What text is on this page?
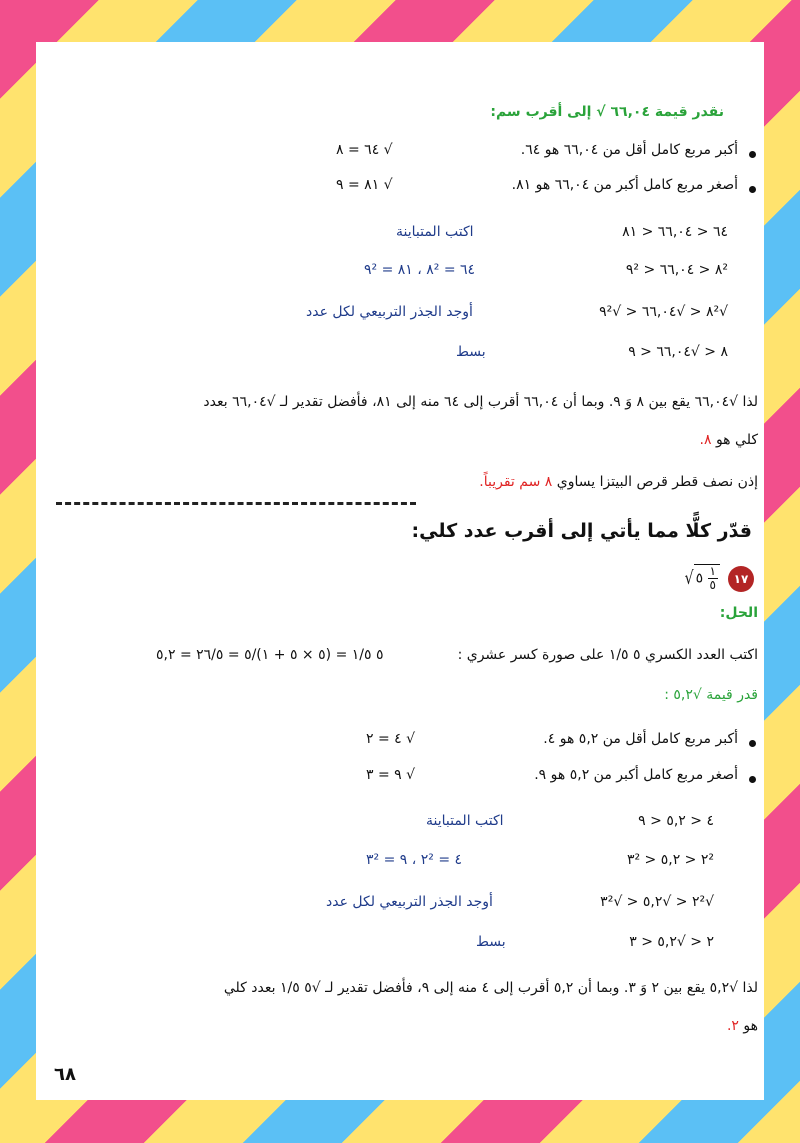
نقدر قيمة ٦٦,٠٤ √ إلى أقرب سم:
أكبر مربع كامل أقل من ٦٦,٠٤ هو ٦٤.
√ ٦٤ = ٨
أصغر مربع كامل أكبر من ٦٦,٠٤ هو ٨١.
√ ٨١ = ٩
اكتب المتباينة	٦٤ < ٦٦,٠٤ < ٨١
٦٤ = ٨² ، ٨١ = ٩²	٨² < ٦٦,٠٤ < ٩²
أوجد الجذر التربيعي لكل عدد	√٨² < √٦٦,٠٤ < √٩²
بسط	٨ < √٦٦,٠٤ < ٩
لذا √٦٦,٠٤ يقع بين ٨ وَ ٩. وبما أن ٦٦,٠٤ أقرب إلى ٦٤ منه إلى ٨١، فأفضل تقدير لـ √٦٦,٠٤ بعدد
كلي هو ٨.
إذن نصف قطر قرص البيتزا يساوي ٨ سم تقريباً.
قدّر كلًّا مما يأتي إلى أقرب عدد كلي:
١٧
√ ٥ $\frac{١}{٥}$
الحل:
اكتب العدد الكسري ٥ ١/٥ على صورة كسر عشري :
٥ ١/٥ = (٥ × ٥ + ١)/٥ = ٢٦/٥ = ٥,٢
قدر قيمة √٥,٢ :
أكبر مربع كامل أقل من ٥,٢ هو ٤.
√ ٤ = ٢
أصغر مربع كامل أكبر من ٥,٢ هو ٩.
√ ٩ = ٣
اكتب المتباينة	٤ < ٥,٢ < ٩
٤ = ٢² ، ٩ = ٣²	٢² < ٥,٢ < ٣²
أوجد الجذر التربيعي لكل عدد	√٢² < √٥,٢ < √٣²
بسط	٢ < √٥,٢ < ٣
لذا √٥,٢ يقع بين ٢ وَ ٣. وبما أن ٥,٢ أقرب إلى ٤ منه إلى ٩، فأفضل تقدير لـ √٥ ١/٥ بعدد كلي
هو ٢.
٦٨
